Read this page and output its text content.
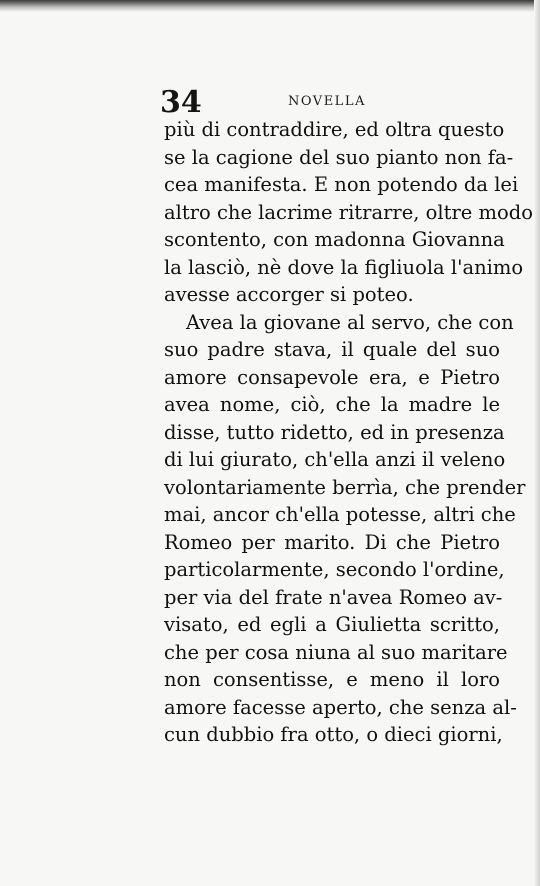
34	NOVELLA
più di contraddire, ed oltra questo
se la cagione del suo pianto non fa-
cea manifesta. E non potendo da lei
altro che lacrime ritrarre, oltre modo
scontento, con madonna Giovanna
la lasciò, nè dove la figliuola l'animo
avesse accorger si poteo.
Avea la giovane al servo, che con
suo padre stava, il quale del suo
amore consapevole era, e Pietro
avea nome, ciò, che la madre le
disse, tutto ridetto, ed in presenza
di lui giurato, ch'ella anzi il veleno
volontariamente berrìa, che prender
mai, ancor ch'ella potesse, altri che
Romeo per marito. Di che Pietro
particolarmente, secondo l'ordine,
per via del frate n'avea Romeo av-
visato, ed egli a Giulietta scritto,
che per cosa niuna al suo maritare
non consentisse, e meno il loro
amore facesse aperto, che senza al-
cun dubbio fra otto, o dieci giorni,
